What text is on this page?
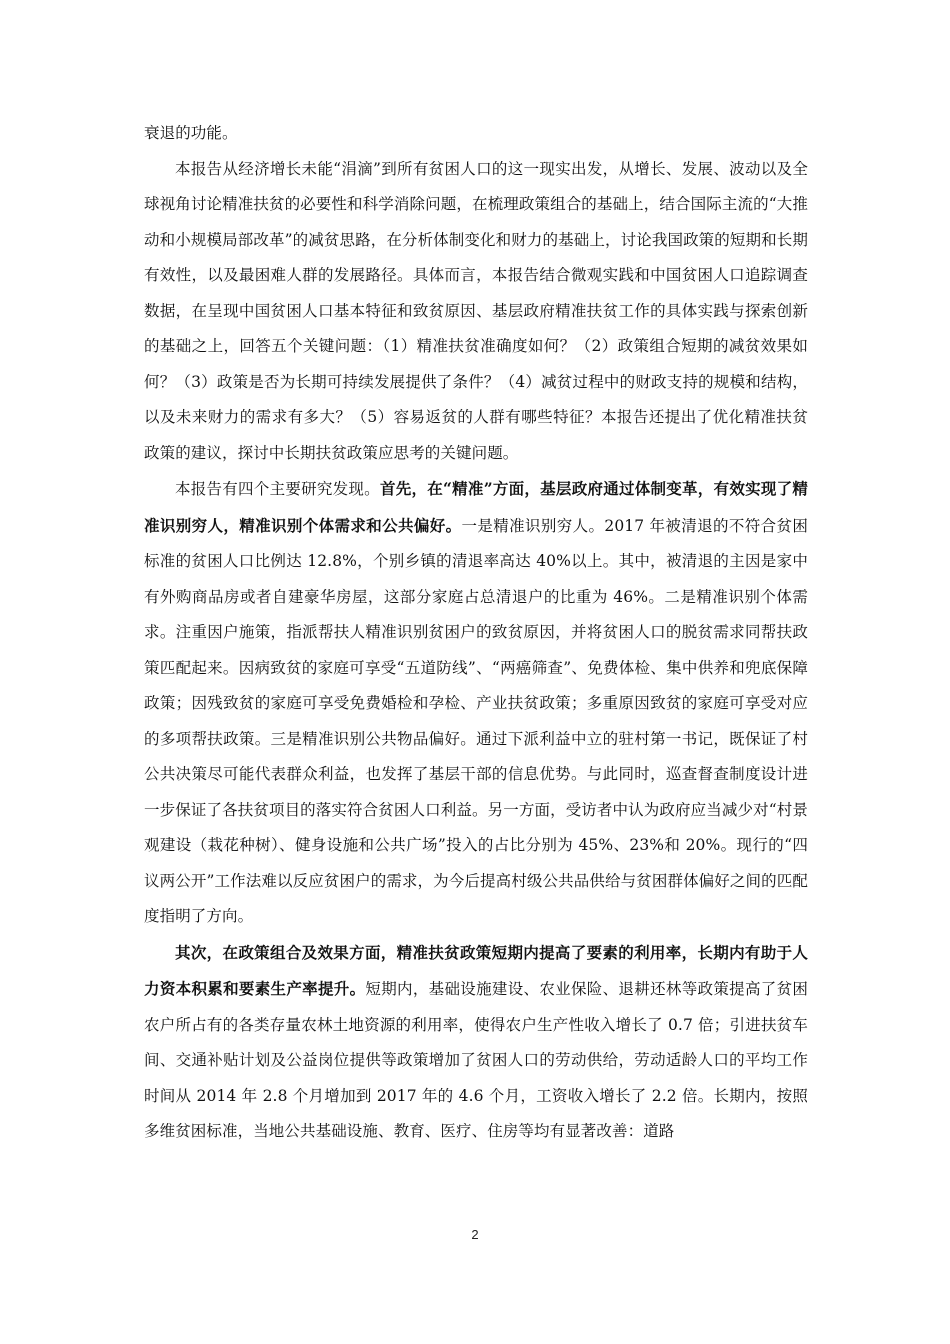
衰退的功能。

本报告从经济增长未能“涓滴”到所有贫困人口的这一现实出发，从增长、发展、波动以及全球视角讨论精准扶贫的必要性和科学消除问题，在梳理政策组合的基础上，结合国际主流的“大推动和小规模局部改革”的减贫思路，在分析体制变化和财力的基础上，讨论我国政策的短期和长期有效性，以及最困难人群的发展路径。具体而言，本报告结合微观实践和中国贫困人口追踪调查数据，在呈现中国贫困人口基本特征和致贫原因、基层政府精准扶贫工作的具体实践与探索创新的基础之上，回答五个关键问题：（1）精准扶贫准确度如何？（2）政策组合短期的减贫效果如何？（3）政策是否为长期可持续发展提供了条件？（4）减贫过程中的财政支持的规模和结构，以及未来财力的需求有多大？（5）容易返贫的人群有哪些特征？本报告还提出了优化精准扶贫政策的建议，探讨中长期扶贫政策应思考的关键问题。

本报告有四个主要研究发现。首先，在“精准”方面，基层政府通过体制变革，有效实现了精准识别穷人，精准识别个体需求和公共偏好。一是精准识别穷人。2017 年被清退的不符合贫困标准的贫困人口比例达 12.8%，个别乡镇的清退率高达 40%以上。其中，被清退的主因是家中有外购商品房或者自建豪华房屋，这部分家庭占总清退户的比重为 46%。二是精准识别个体需求。注重因户施策，指派帮扶人精准识别贫困户的致贫原因，并将贫困人口的脱贫需求同帮扶政策匹配起来。因病致贫的家庭可享受“五道防线”、“两癌筛查”、免费体检、集中供养和兜底保障政策；因残致贫的家庭可享受免费婚检和孕检、产业扶贫政策；多重原因致贫的家庭可享受对应的多项帮扶政策。三是精准识别公共物品偏好。通过下派利益中立的驻村第一书记，既保证了村公共决策尽可能代表群众利益，也发挥了基层干部的信息优势。与此同时，巡查督查制度设计进一步保证了各扶贫项目的落实符合贫困人口利益。另一方面，受访者中认为政府应当减少对“村景观建设（栽花种树）、健身设施和公共广场”投入的占比分别为 45%、23%和 20%。现行的“四议两公开”工作法难以反应贫困户的需求，为今后提高村级公共品供给与贫困群体偏好之间的匹配度指明了方向。

其次，在政策组合及效果方面，精准扶贫政策短期内提高了要素的利用率，长期内有助于人力资本积累和要素生产率提升。短期内，基础设施建设、农业保险、退耕还林等政策提高了贫困农户所占有的各类存量农林土地资源的利用率，使得农户生产性收入增长了 0.7 倍；引进扶贫车间、交通补贴计划及公益岗位提供等政策增加了贫困人口的劳动供给，劳动适龄人口的平均工作时间从 2014 年 2.8 个月增加到 2017 年的 4.6 个月，工资收入增长了 2.2 倍。长期内，按照多维贫困标准，当地公共基础设施、教育、医疗、住房等均有显著改善：道路

2
